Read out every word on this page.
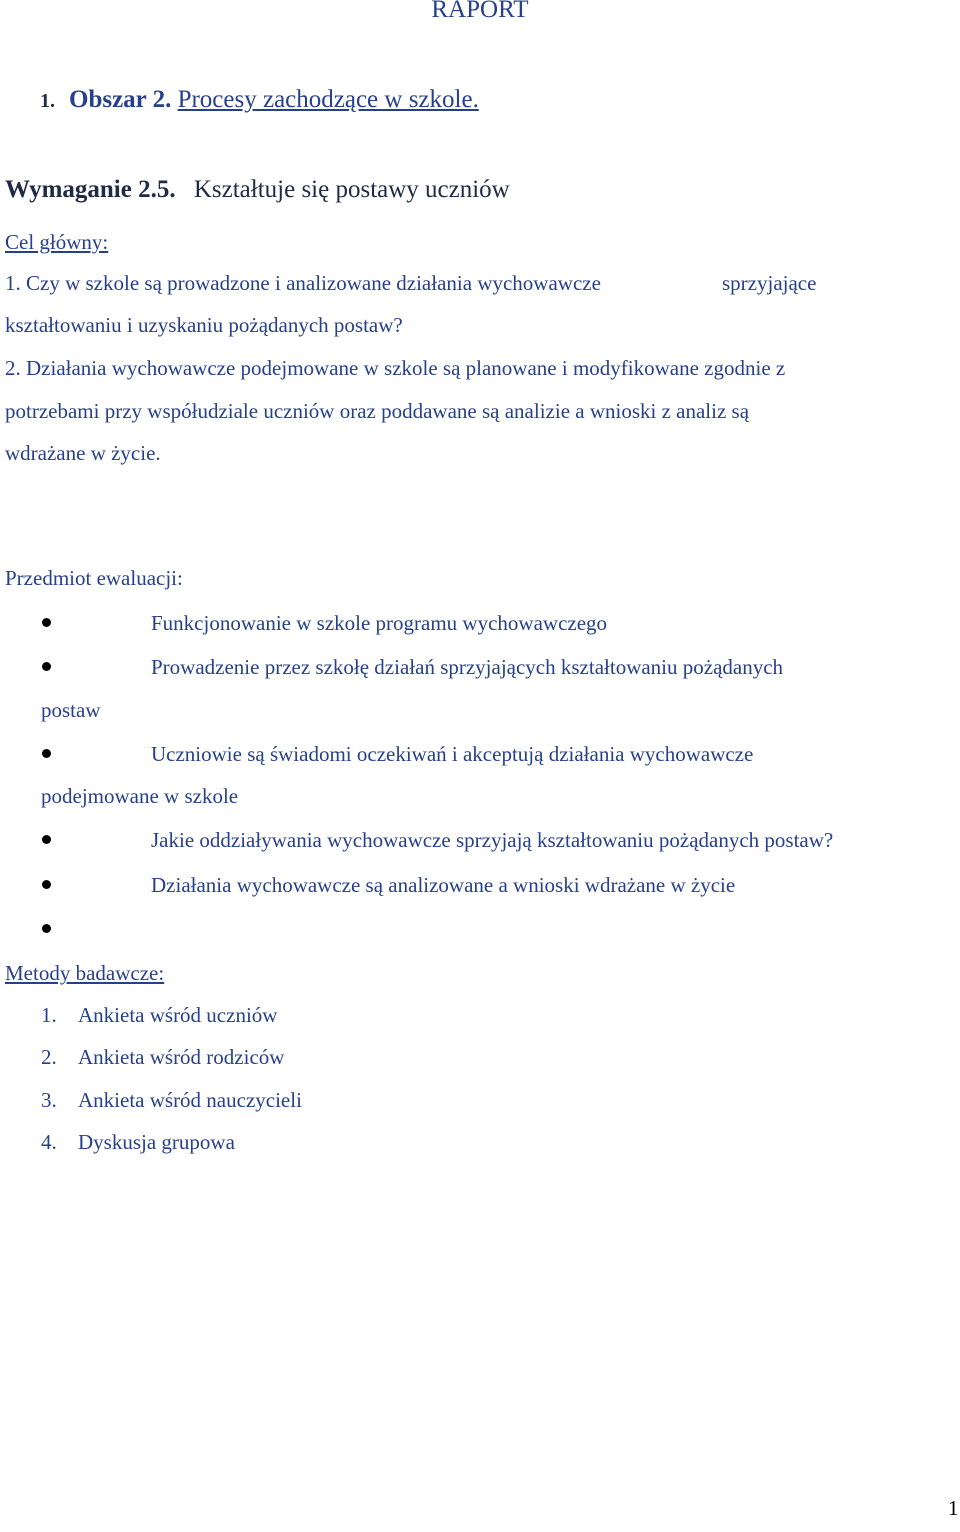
RAPORT
1. Obszar 2. Procesy zachodzące w szkole.
Wymaganie 2.5. Kształtuje się postawy uczniów
Cel główny:
1. Czy w szkole są prowadzone i analizowane działania wychowawcze	sprzyjające
kształtowaniu i uzyskaniu pożądanych postaw?
2. Działania wychowawcze podejmowane w szkole są planowane i modyfikowane zgodnie z
potrzebami przy współudziale uczniów oraz poddawane są analizie a wnioski z analiz są
wdrażane w życie.
Przedmiot ewaluacji:
Funkcjonowanie w szkole programu wychowawczego
Prowadzenie przez szkołę działań sprzyjających kształtowaniu pożądanych
postaw
Uczniowie są świadomi oczekiwań i akceptują działania wychowawcze
podejmowane w szkole
Jakie oddziaływania wychowawcze sprzyjają kształtowaniu pożądanych postaw?
Działania wychowawcze są analizowane a wnioski wdrażane w życie
Metody badawcze:
1. Ankieta wśród uczniów
2. Ankieta wśród rodziców
3. Ankieta wśród nauczycieli
4. Dyskusja grupowa
1
